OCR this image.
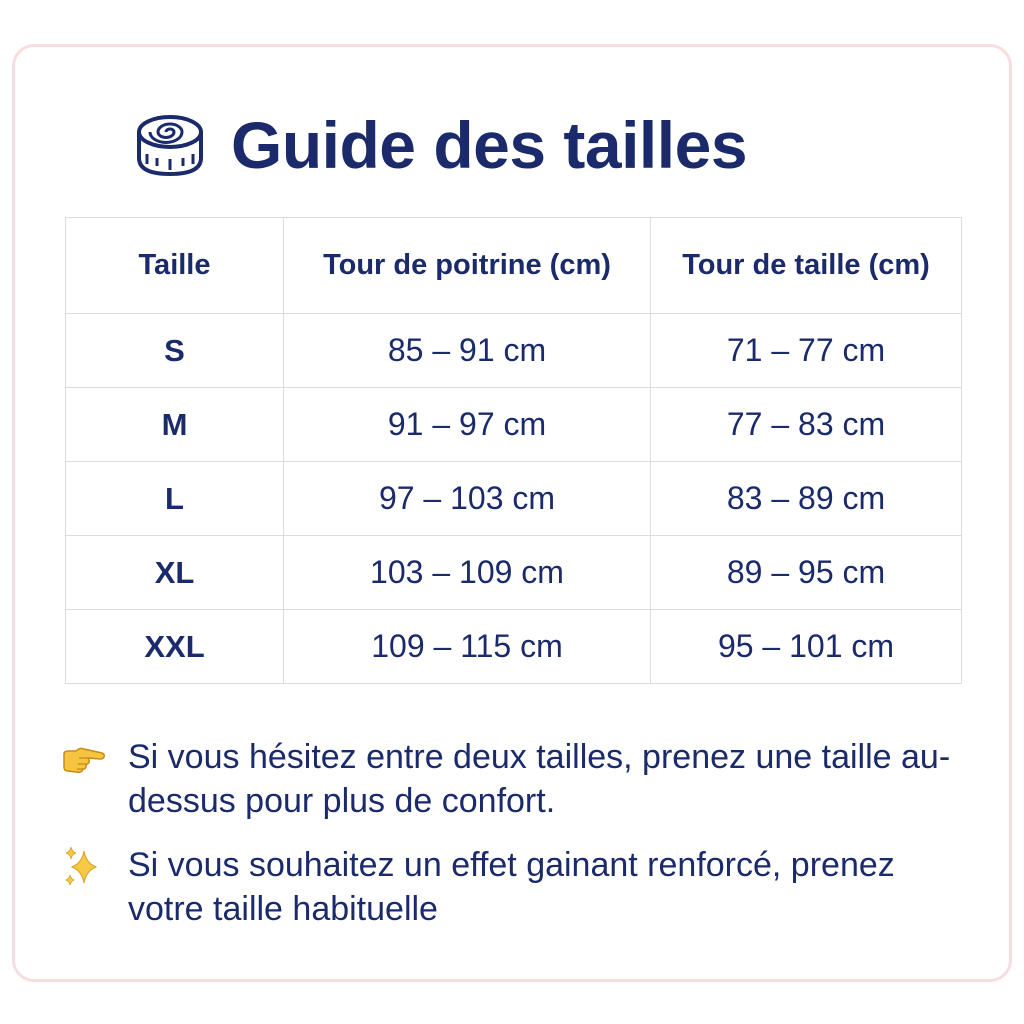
Guide des tailles
Taille	Tour de poitrine (cm)	Tour de taille (cm)
S	85 – 91 cm	71 – 77 cm
M	91 – 97 cm	77 – 83 cm
L	97 – 103 cm	83 – 89 cm
XL	103 – 109 cm	89 – 95 cm
XXL	109 – 115 cm	95 – 101 cm
Si vous hésitez entre deux tailles, prenez une taille au-dessus pour plus de confort.
Si vous souhaitez un effet gainant renforcé, prenez votre taille habituelle
